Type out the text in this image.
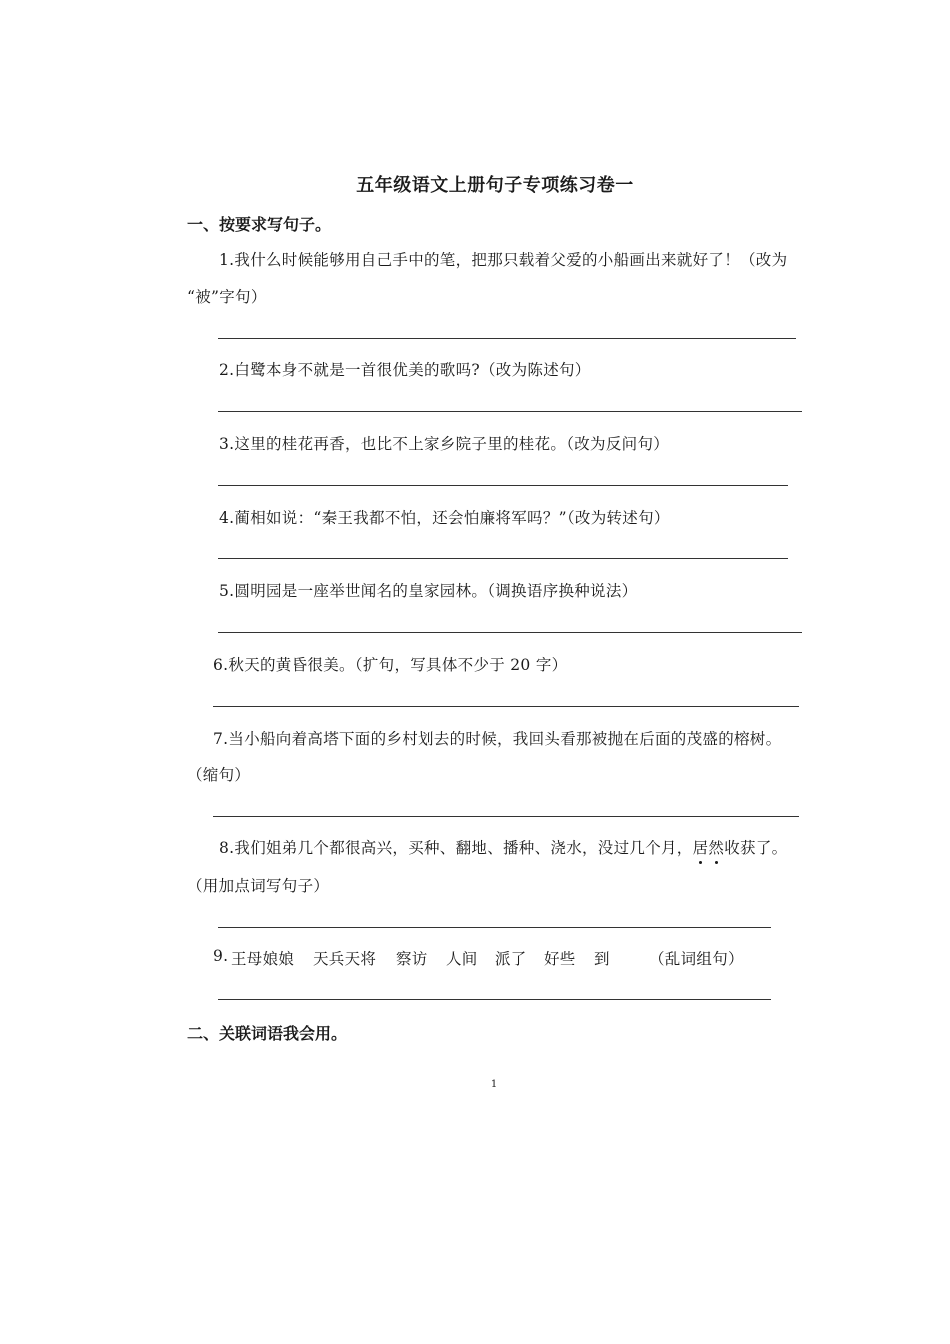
五年级语文上册句子专项练习卷一
一、按要求写句子。
1.我什么时候能够用自己手中的笔，把那只载着父爱的小船画出来就好了！（改为
“被”字句）
2.白鹭本身不就是一首很优美的歌吗?（改为陈述句）
3.这里的桂花再香，也比不上家乡院子里的桂花。（改为反问句）
4.蔺相如说：“秦王我都不怕，还会怕廉将军吗？”（改为转述句）
5.圆明园是一座举世闻名的皇家园林。（调换语序换种说法）
6.秋天的黄昏很美。（扩句，写具体不少于 20 字）
7.当小船向着高塔下面的乡村划去的时候，我回头看那被抛在后面的茂盛的榕树。
（缩句）
8.我们姐弟几个都很高兴，买种、翻地、播种、浇水，没过几个月，居然收获了。
（用加点词写句子）
9. 王母娘娘 天兵天将 察访 人间 派了 好些 到	（乱词组句）
二、关联词语我会用。
1
